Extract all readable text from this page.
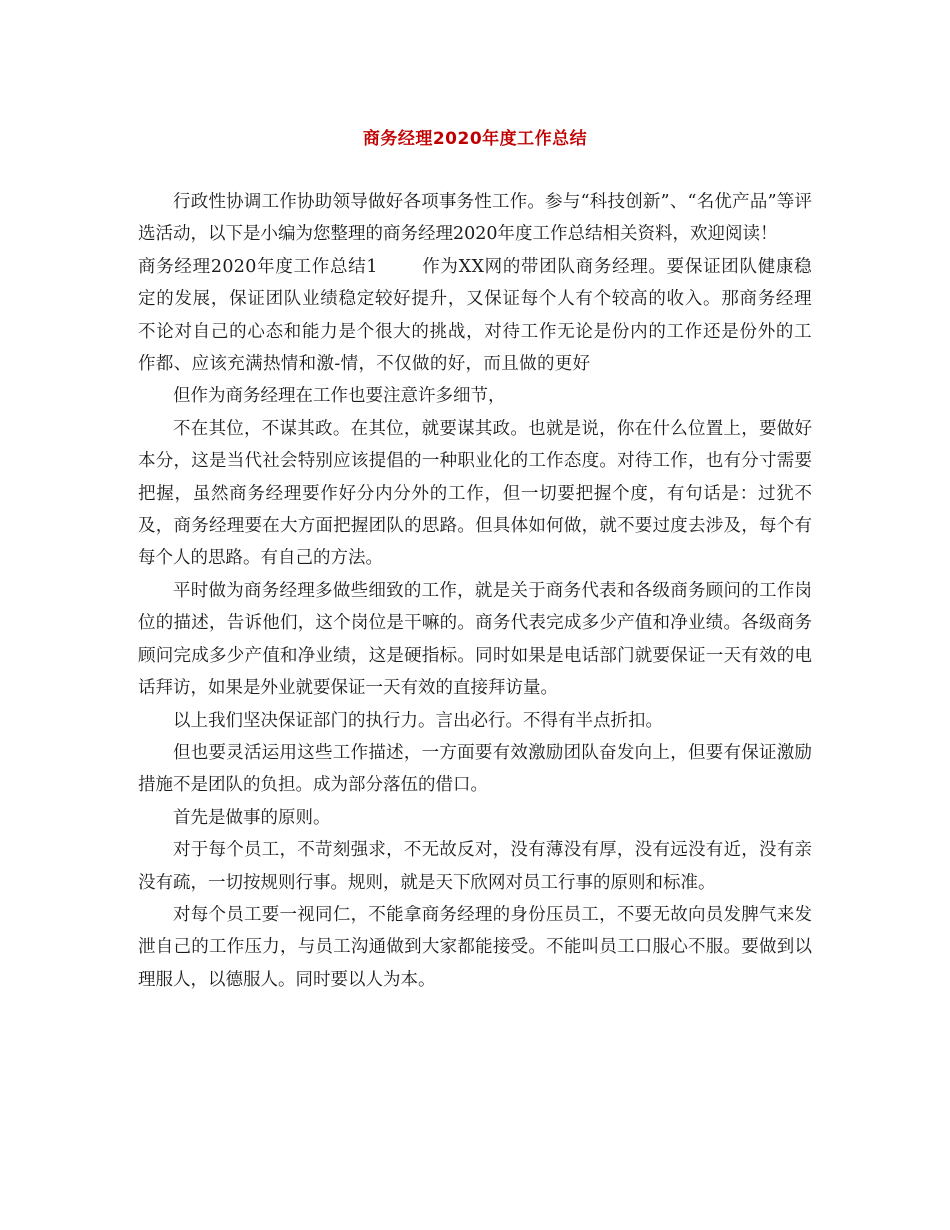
商务经理2020年度工作总结

行政性协调工作协助领导做好各项事务性工作。参与“科技创新”、“名优产品”等评选活动，以下是小编为您整理的商务经理2020年度工作总结相关资料，欢迎阅读！

商务经理2020年度工作总结1	作为XX网的带团队商务经理。要保证团队健康稳定的发展，保证团队业绩稳定较好提升，又保证每个人有个较高的收入。那商务经理不论对自己的心态和能力是个很大的挑战，对待工作无论是份内的工作还是份外的工作都、应该充满热情和激-情，不仅做的好，而且做的更好

但作为商务经理在工作也要注意许多细节，

不在其位，不谋其政。在其位，就要谋其政。也就是说，你在什么位置上，要做好本分，这是当代社会特别应该提倡的一种职业化的工作态度。对待工作，也有分寸需要把握，虽然商务经理要作好分内分外的工作，但一切要把握个度，有句话是：过犹不及，商务经理要在大方面把握团队的思路。但具体如何做，就不要过度去涉及，每个有每个人的思路。有自己的方法。

平时做为商务经理多做些细致的工作，就是关于商务代表和各级商务顾问的工作岗位的描述，告诉他们，这个岗位是干嘛的。商务代表完成多少产值和净业绩。各级商务顾问完成多少产值和净业绩，这是硬指标。同时如果是电话部门就要保证一天有效的电话拜访，如果是外业就要保证一天有效的直接拜访量。

以上我们坚决保证部门的执行力。言出必行。不得有半点折扣。

但也要灵活运用这些工作描述，一方面要有效激励团队奋发向上，但要有保证激励措施不是团队的负担。成为部分落伍的借口。

首先是做事的原则。

对于每个员工，不苛刻强求，不无故反对，没有薄没有厚，没有远没有近，没有亲没有疏，一切按规则行事。规则，就是天下欣网对员工行事的原则和标准。

对每个员工要一视同仁，不能拿商务经理的身份压员工，不要无故向员发脾气来发泄自己的工作压力，与员工沟通做到大家都能接受。不能叫员工口服心不服。要做到以理服人，以德服人。同时要以人为本。
